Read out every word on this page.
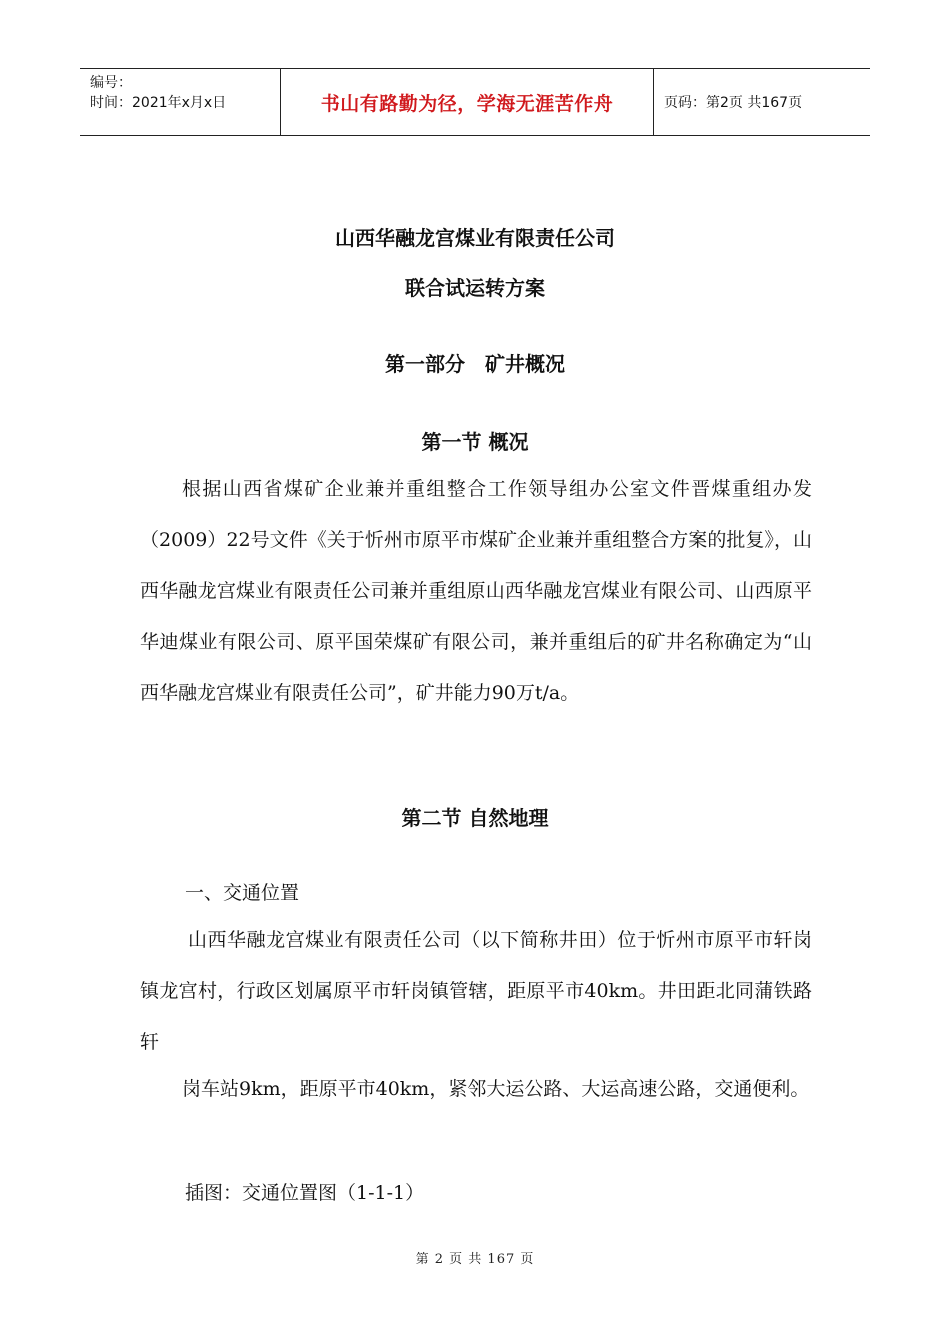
编号：
时间：2021年x月x日	书山有路勤为径，学海无涯苦作舟	页码：第2页 共167页
山西华融龙宫煤业有限责任公司
联合试运转方案
第一部分　矿井概况
第一节 概况
根据山西省煤矿企业兼并重组整合工作领导组办公室文件晋煤重组办发（2009）22号文件《关于忻州市原平市煤矿企业兼并重组整合方案的批复》，山西华融龙宫煤业有限责任公司兼并重组原山西华融龙宫煤业有限公司、山西原平华迪煤业有限公司、原平国荣煤矿有限公司，兼并重组后的矿井名称确定为“山西华融龙宫煤业有限责任公司”，矿井能力90万t/a。
第二节 自然地理
一、交通位置
山西华融龙宫煤业有限责任公司（以下简称井田）位于忻州市原平市轩岗镇龙宫村，行政区划属原平市轩岗镇管辖，距原平市40km。井田距北同蒲铁路轩
岗车站9km，距原平市40km，紧邻大运公路、大运高速公路，交通便利。
插图：交通位置图（1-1-1）
第 2 页 共 167 页
